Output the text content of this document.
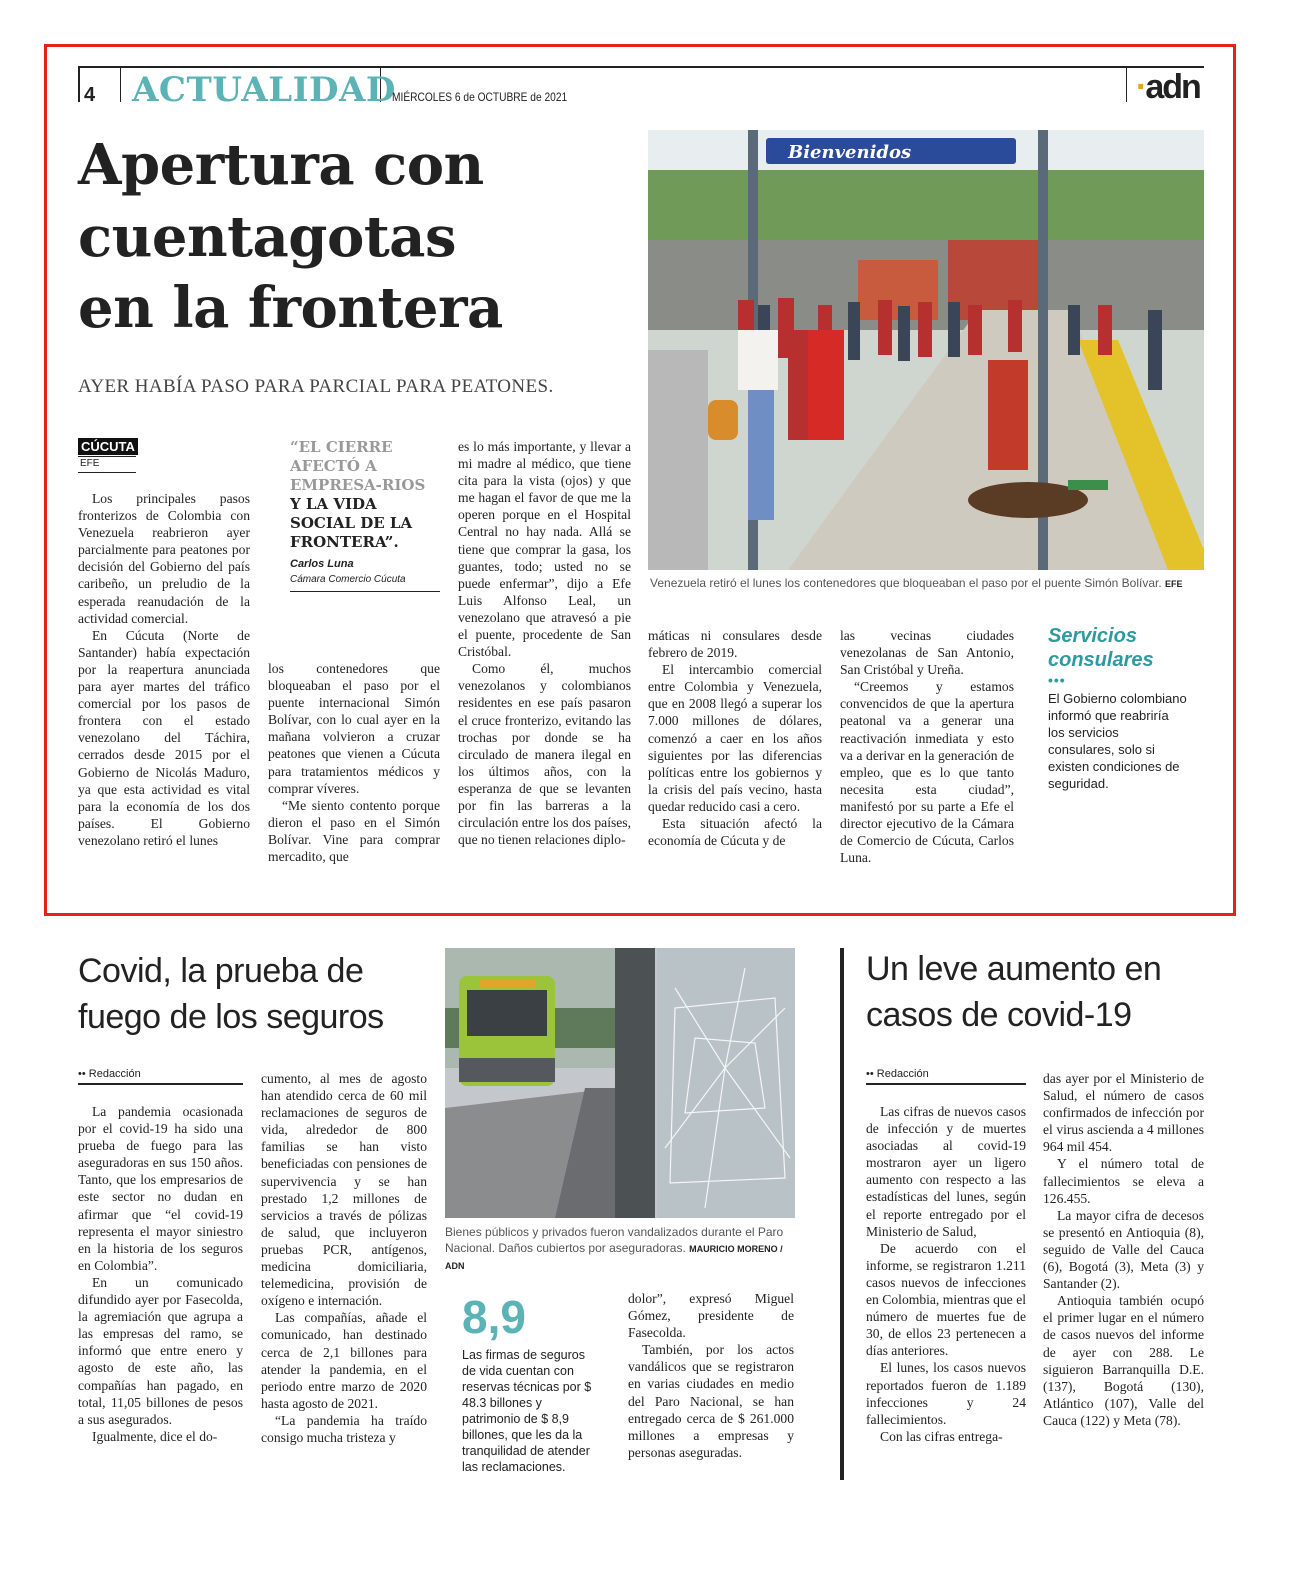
4 ACTUALIDAD
MIÉRCOLES 6 de OCTUBRE de 2021	·adn
Apertura con
cuentagotas
en la frontera
AYER HABÍA PASO PARA PARCIAL PARA PEATONES.
CÚCUTA
EFE

Los principales pasos fronterizos de Colombia con Venezuela reabrieron ayer parcialmente para peatones por decisión del Gobierno del país caribeño, un preludio de la esperada reanudación de la actividad comercial.

En Cúcuta (Norte de Santander) había expectación por la reapertura anunciada para ayer martes del tráfico comercial por los pasos de frontera con el estado venezolano del Táchira, cerrados desde 2015 por el Gobierno de Nicolás Maduro, ya que esta actividad es vital para la economía de los dos países. El Gobierno venezolano retiró el lunes

“EL CIERRE AFECTÓ A EMPRESA-RIOS
Y LA VIDA SOCIAL DE LA FRONTERA”.
Carlos Luna
Cámara Comercio Cúcuta

los contenedores que bloqueaban el paso por el puente internacional Simón Bolívar, con lo cual ayer en la mañana volvieron a cruzar peatones que vienen a Cúcuta para tratamientos médicos y comprar víveres.

“Me siento contento porque dieron el paso en el Simón Bolívar. Vine para comprar mercadito, que

es lo más importante, y llevar a mi madre al médico, que tiene cita para la vista (ojos) y que me hagan el favor de que me la operen porque en el Hospital Central no hay nada. Allá se tiene que comprar la gasa, los guantes, todo; usted no se puede enfermar”, dijo a Efe Luis Alfonso Leal, un venezolano que atravesó a pie el puente, procedente de San Cristóbal.

Como él, muchos venezolanos y colombianos residentes en ese país pasaron el cruce fronterizo, evitando las trochas por donde se ha circulado de manera ilegal en los últimos años, con la esperanza de que se levanten por fin las barreras a la circulación entre los dos países, que no tienen relaciones diplo-

Bienvenidos
Venezuela retiró el lunes los contenedores que bloqueaban el paso por el puente Simón Bolívar. EFE

máticas ni consulares desde febrero de 2019.

El intercambio comercial entre Colombia y Venezuela, que en 2008 llegó a superar los 7.000 millones de dólares, comenzó a caer en los años siguientes por las diferencias políticas entre los gobiernos y la crisis del país vecino, hasta quedar reducido casi a cero.

Esta situación afectó la economía de Cúcuta y de

las vecinas ciudades venezolanas de San Antonio, San Cristóbal y Ureña.

“Creemos y estamos convencidos de que la apertura peatonal va a generar una reactivación inmediata y esto va a derivar en la generación de empleo, que es lo que tanto necesita esta ciudad”, manifestó por su parte a Efe el director ejecutivo de la Cámara de Comercio de Cúcuta, Carlos Luna.

Servicios consulares
•••
El Gobierno colombiano informó que reabriría los servicios consulares, solo si existen condiciones de seguridad.
Covid, la prueba de fuego de los seguros
•• Redacción

La pandemia ocasionada por el covid-19 ha sido una prueba de fuego para las aseguradoras en sus 150 años. Tanto, que los empresarios de este sector no dudan en afirmar que “el covid-19 representa el mayor siniestro en la historia de los seguros en Colombia”.

En un comunicado difundido ayer por Fasecolda, la agremiación que agrupa a las empresas del ramo, se informó que entre enero y agosto de este año, las compañías han pagado, en total, 11,05 billones de pesos a sus asegurados.

Igualmente, dice el do-

cumento, al mes de agosto han atendido cerca de 60 mil reclamaciones de seguros de vida, alrededor de 800 familias se han visto beneficiadas con pensiones de supervivencia y se han prestado 1,2 millones de servicios a través de pólizas de salud, que incluyeron pruebas PCR, antígenos, medicina domiciliaria, telemedicina, provisión de oxígeno e internación.

Las compañías, añade el comunicado, han destinado cerca de 2,1 billones para atender la pandemia, en el periodo entre marzo de 2020 hasta agosto de 2021.

“La pandemia ha traído consigo mucha tristeza y

Bienes públicos y privados fueron vandalizados durante el Paro Nacional. Daños cubiertos por aseguradoras. MAURICIO MORENO / ADN
8,9
Las firmas de seguros de vida cuentan con reservas técnicas por $ 48.3 billones y patrimonio de $ 8,9 billones, que les da la tranquilidad de atender las reclamaciones.

dolor”, expresó Miguel Gómez, presidente de Fasecolda.

También, por los actos vandálicos que se registraron en varias ciudades en medio del Paro Nacional, se han entregado cerca de $ 261.000 millones a empresas y personas aseguradas.

Un leve aumento en casos de covid-19
•• Redacción

Las cifras de nuevos casos de infección y de muertes asociadas al covid-19 mostraron ayer un ligero aumento con respecto a las estadísticas del lunes, según el reporte entregado por el Ministerio de Salud,

De acuerdo con el informe, se registraron 1.211 casos nuevos de infecciones en Colombia, mientras que el número de muertes fue de 30, de ellos 23 pertenecen a días anteriores.

El lunes, los casos nuevos reportados fueron de 1.189 infecciones y 24 fallecimientos.

Con las cifras entrega-

das ayer por el Ministerio de Salud, el número de casos confirmados de infección por el virus ascienda a 4 millones 964 mil 454.

Y el número total de fallecimientos se eleva a 126.455.

La mayor cifra de decesos se presentó en Antioquia (8), seguido de Valle del Cauca (6), Bogotá (3), Meta (3) y Santander (2).

Antioquia también ocupó el primer lugar en el número de casos nuevos del informe de ayer con 288. Le siguieron Barranquilla D.E. (137), Bogotá (130), Atlántico (107), Valle del Cauca (122) y Meta (78).
